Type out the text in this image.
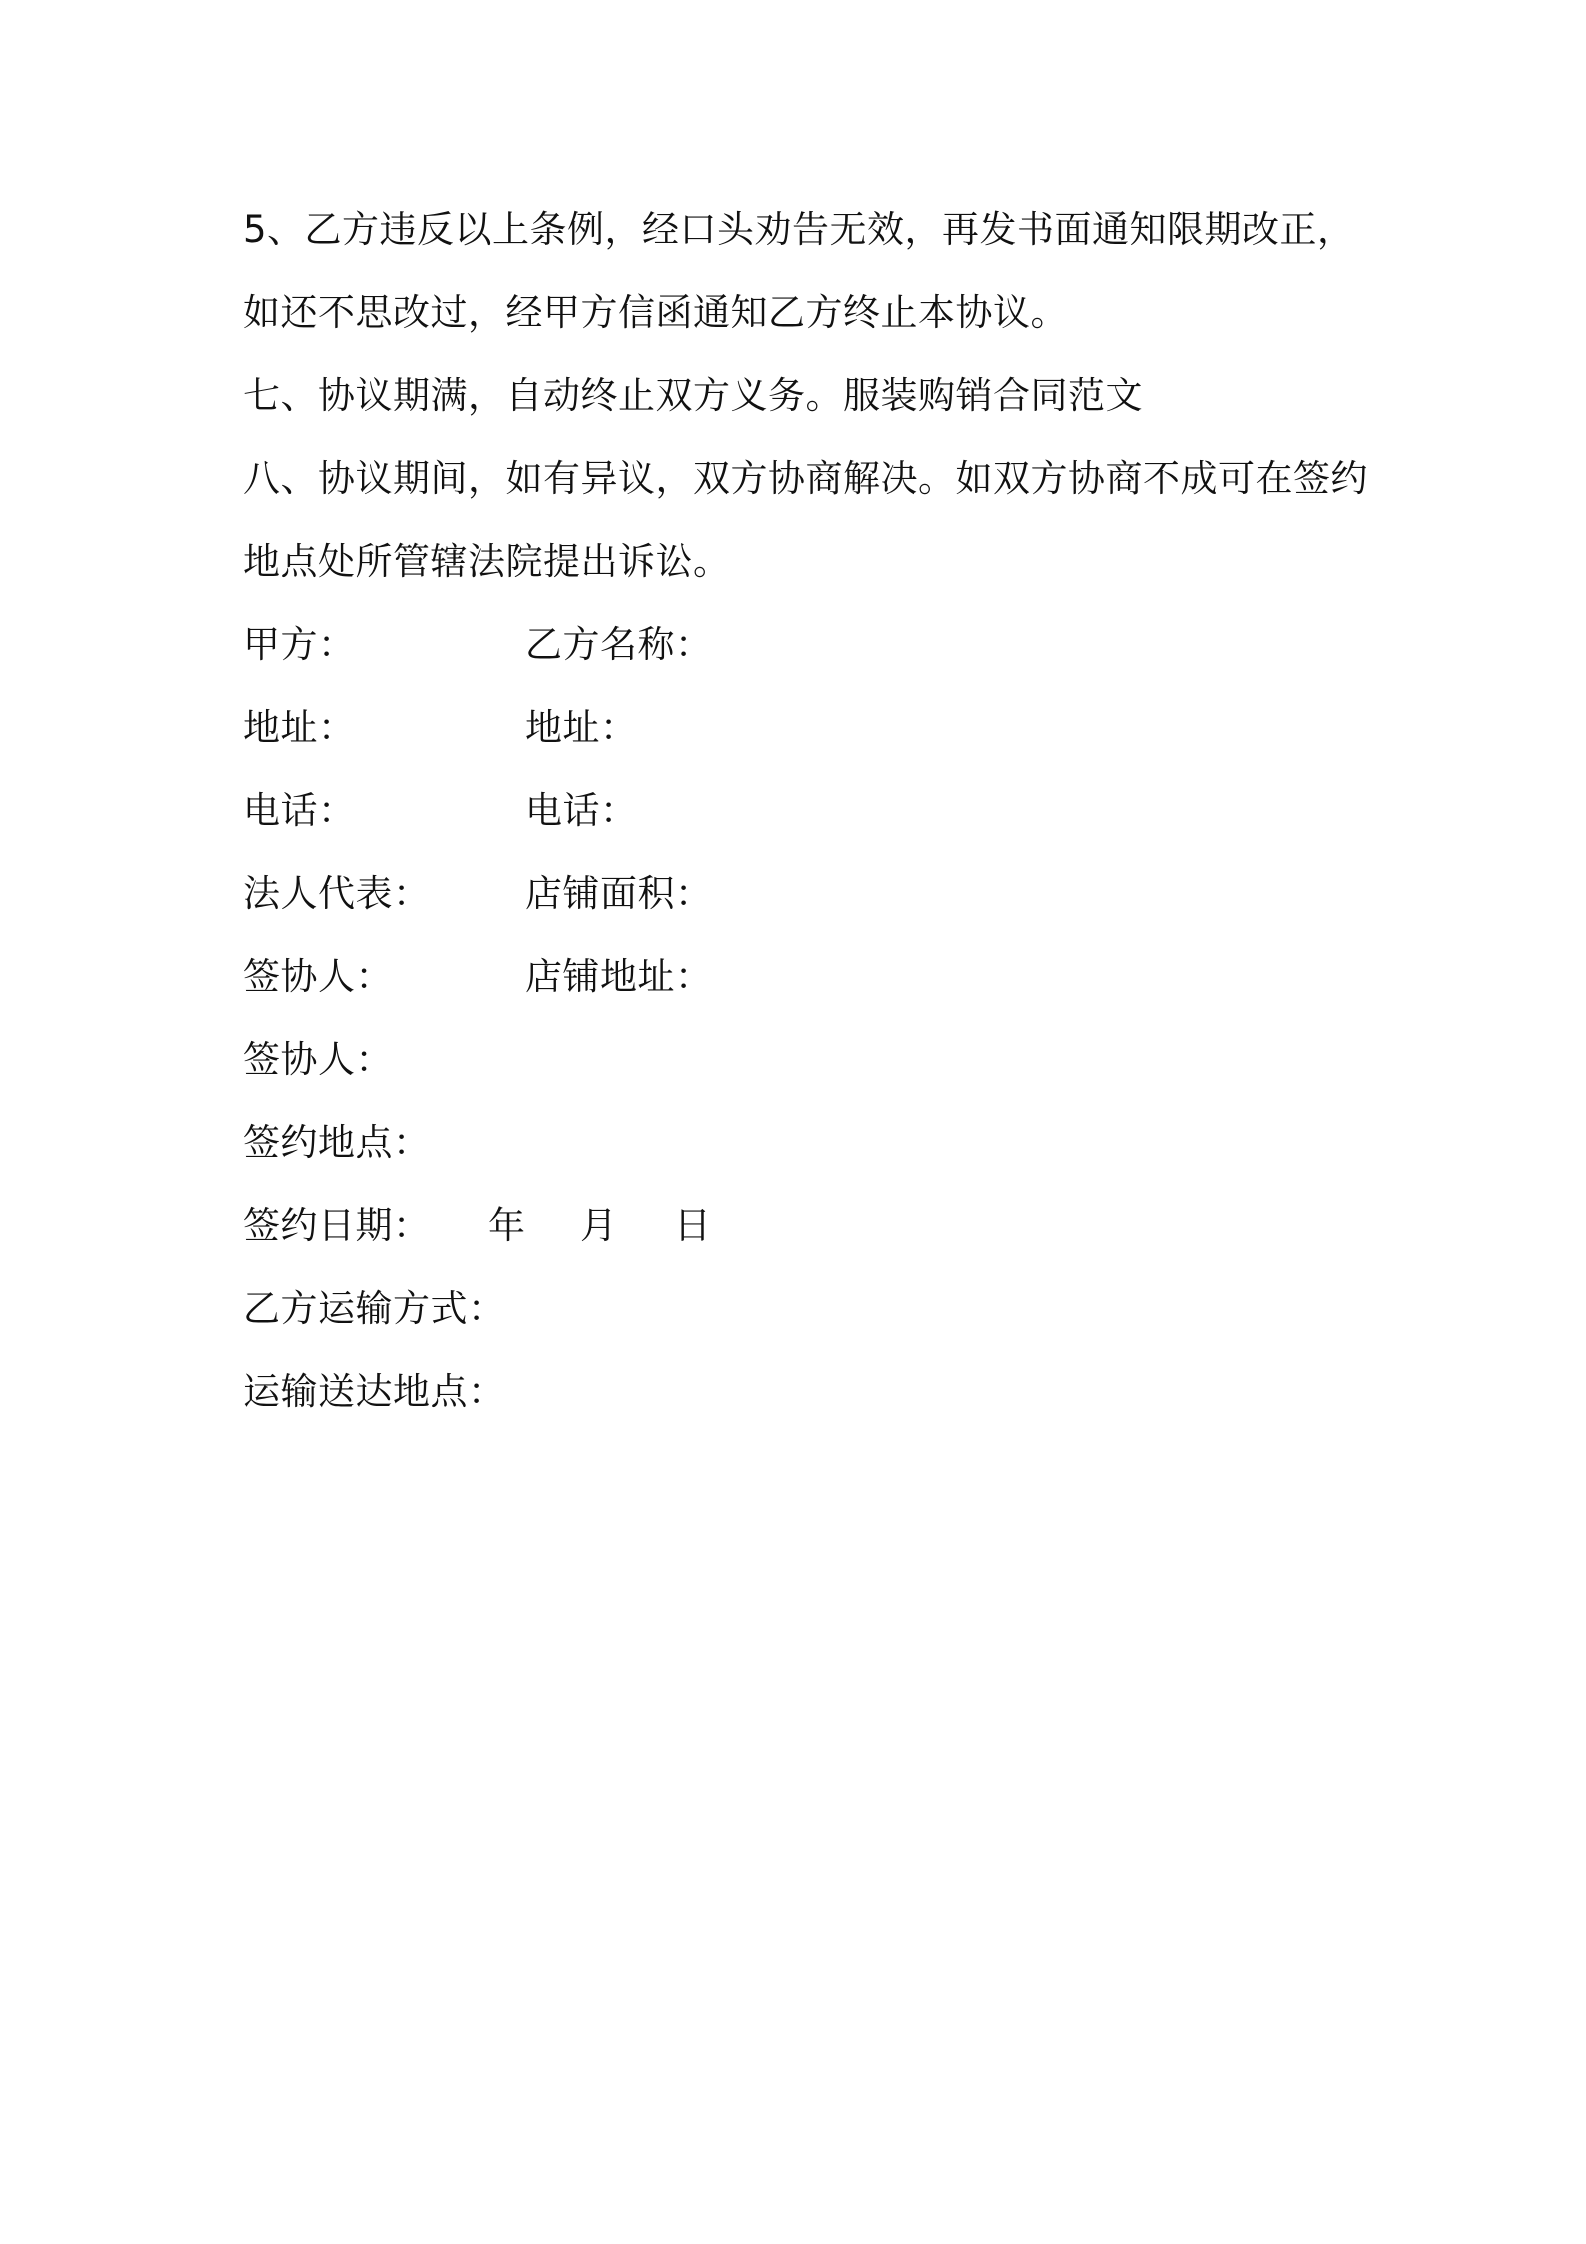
5、乙方违反以上条例，经口头劝告无效，再发书面通知限期改正，
如还不思改过，经甲方信函通知乙方终止本协议。
七、协议期满，自动终止双方义务。服装购销合同范文
八、协议期间，如有异议，双方协商解决。如双方协商不成可在签约
地点处所管辖法院提出诉讼。
甲方：	乙方名称：
地址：	地址：
电话：	电话：
法人代表：	店铺面积：
签协人：	店铺地址：
签协人：
签约地点：
签约日期： 年 月 日
乙方运输方式：
运输送达地点：
